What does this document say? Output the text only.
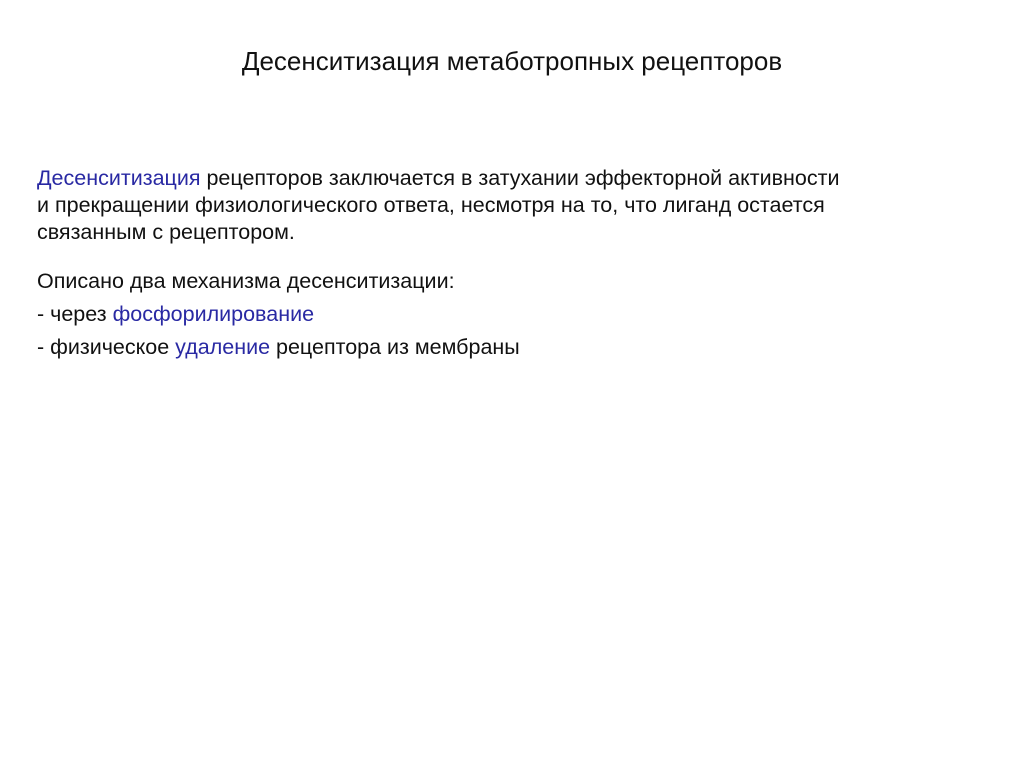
Десенситизация метаботропных рецепторов

Десенситизация рецепторов заключается в затухании эффекторной активности
и прекращении физиологического ответа, несмотря на то, что лиганд остается
связанным с рецептором.

Описано два механизма десенситизации:

- через фосфорилирование

- физическое удаление рецептора из мембраны
